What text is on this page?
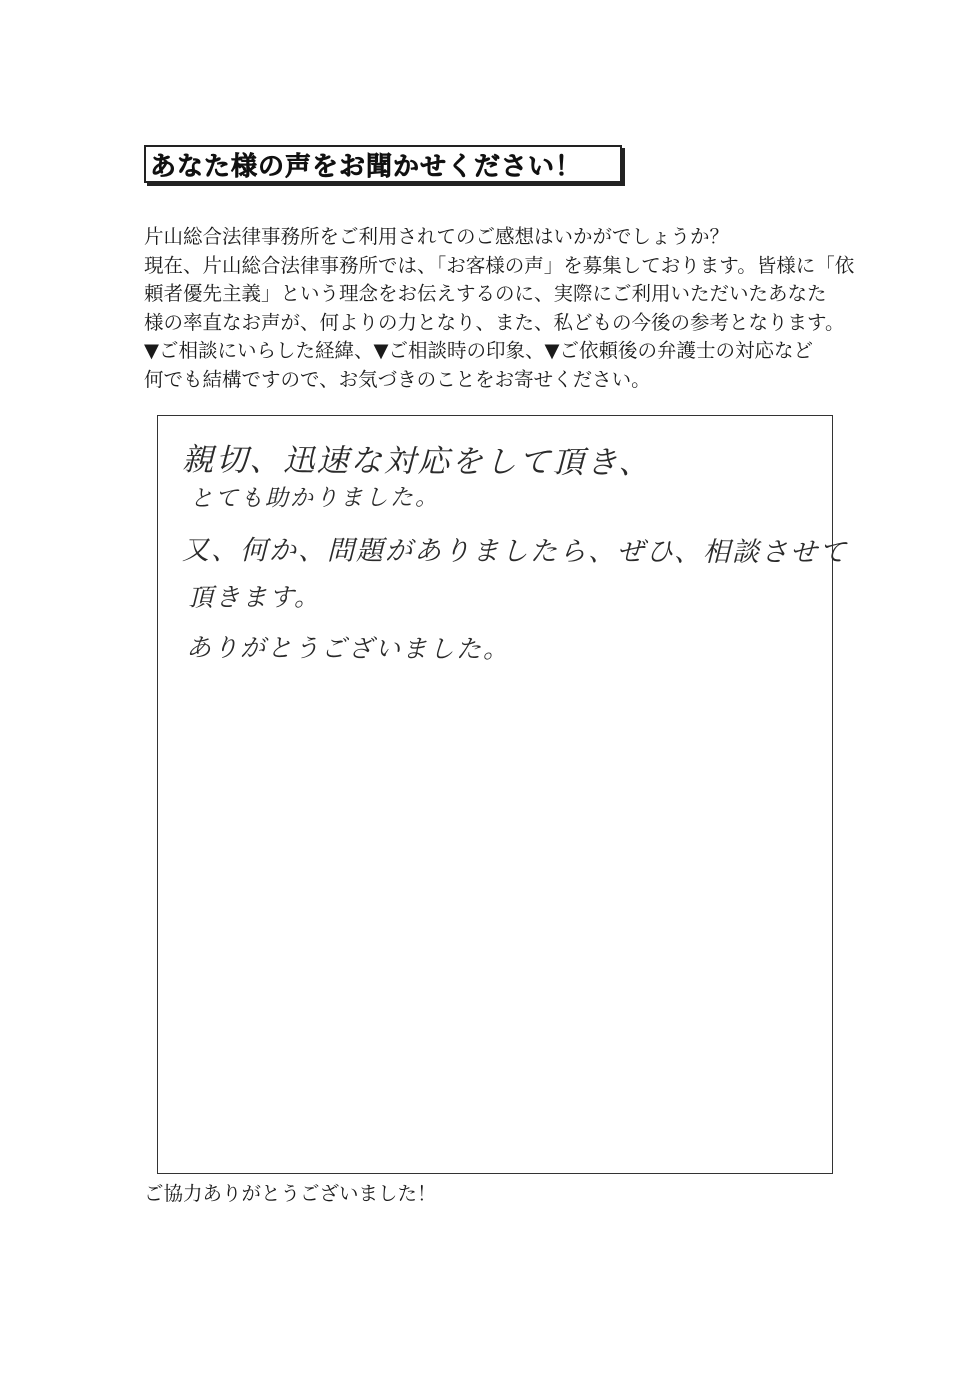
あなた様の声をお聞かせください！
片山総合法律事務所をご利用されてのご感想はいかがでしょうか？
現在、片山総合法律事務所では、「お客様の声」を募集しております。皆様に「依
頼者優先主義」という理念をお伝えするのに、実際にご利用いただいたあなた
様の率直なお声が、何よりの力となり、また、私どもの今後の参考となります。
▼ご相談にいらした経緯、▼ご相談時の印象、▼ご依頼後の弁護士の対応など
何でも結構ですので、お気づきのことをお寄せください。
親切、迅速な対応をして頂き、
とても助かりました。
又、何か、問題がありましたら、ぜひ、相談させて
頂きます。
ありがとうございました。
ご協力ありがとうございました！
